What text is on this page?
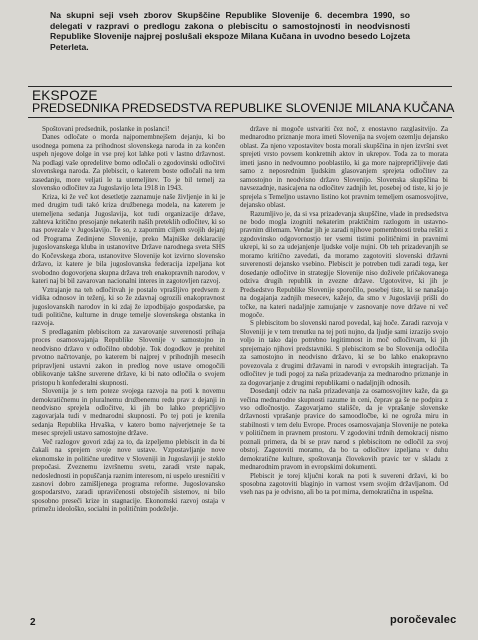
Na skupni seji vseh zborov Skupščine Republike Slovenije 6. decembra 1990, so delegati v razpravi o predlogu zakona o plebiscitu o samostojnosti in neodvisnosti Republike Slovenije najprej poslušali ekspoze Milana Kučana in uvodno besedo Lojzeta Peterleta.
EKSPOZE
PREDSEDNIKA PREDSEDSTVA REPUBLIKE SLOVENIJE MILANA KUČANA

Spoštovani predsednik, poslanke in poslanci!

Danes odločate o morda najpomembnejšem dejanju, ki bo usodnega pomena za prihodnost slovenskega naroda in za končen uspeh njegove dolge in vse prej kot lahke poti v lastno državnost. Na podlagi vaše opredelitve bomo odločali o zgodovinski odločitvi slovenskega naroda. Za plebiscit, o katerem boste odločali na tem zasedanju, more veljati le ta utemeljitev. To je bil temelj za slovensko odločitev za Jugoslavijo leta 1918 in 1943.

Kriza, ki že več kot desetletje zaznamuje naše življenje in ki je med drugim tudi takó kriza družbenega modela, na katerem je utemeljena sedanja Jugoslavija, kot tudi organizacije države, zahteva kritično presojanje nekaterih naših preteklih odločitev, ki so nas povezale v Jugoslavijo. Te so, z zapornim ciljem svojih dejanj od Programa Zedinjene Slovenije, preko Majniške deklaracije jugoslovanskega kluba in ustanovitve Države narodnega sveta SHS do Kočevskega zbora, ustanovitve Slovenije kot izvirno slovensko državo, iz katere je bila jugoslovanska federacija izpeljana kot svobodno dogovorjena skupna država treh enakopravnih narodov, v kateri naj bi bil zavarovan nacionalni interes in zagotovljen razvoj.

Vztrajanje na teh odločitvah je postalo vprašljivo predvsem z vidika odnosov in teženj, ki so že zdavnaj ogrozili enakopravnost jugoslovanskih narodov in ki zdaj že izpodbijajo gospodarske, pa tudi politične, kulturne in druge temelje slovenskega obstanka in razvoja.

S predlaganim plebiscitom za zavarovanje suverenosti prihaja proces osamosvajanja Republike Slovenije v samostojno in neodvisno državo v odločilno obdobje. Tok dogodkov je prehitel prvotno načrtovanje, po katerem bi najprej v prihodnjih mesecih pripravljeni ustavni zakon in predlog nove ustave omogočili oblikovanje takšne suverene države, ki bi nato odločila o svojem pristopu h konfederalni skupnosti.

Slovenija je s tem poteze svojega razvoja na poti k novemu demokratičnemu in pluralnemu družbenemu redu prav z dejanji in neodvisno sprejela odločitve, ki jih bo lahko prepričljivo zagovarjala tudi v mednarodni skupnosti. Po tej poti je krenila sedanja Republika Hrvaška, v katero bomo najverjetneje še ta mesec sprejeli ustavo samostojne države.

Več razlogov govori zdaj za to, da izpeljemo plebiscit in da bi čakali na sprejem svoje nove ustave. Vzpostavljanje nove ekonomske in politične ureditve v Sloveniji in Jugoslaviji je steklo prepočasi. Zveznemu izvršnemu svetu, zaradi vrste napak, nedoslednosti in popuščanja raznim interesom, ni uspelo uresničiti v zasnovi dobro zamišljenega programa reforme. Jugoslovansko gospodarstvo, zaradi upravičenosti obstoječih sistemov, ni bilo sposobno preseči krize in stagnacije. Ekonomski razvoj ostaja v primežu ideološko, socialni in političnim podeželje.

države ni mogoče ustvariti čez noč, z enostavno razglasitvijo. Za mednarodno priznanje mora imeti Slovenija na svojem ozemlju dejansko oblast. Za njeno vzpostavitev bosta morali skupščina in njen izvršni svet sprejeti vrsto povsem konkretnih aktov in ukrepov. Toda za to morata imeti jasno in nedvoumno pooblastilo, ki ga more najprepričljiveje dati samo z neposrednim ljudskim glasovanjem sprejeta odločitev za samostojno in neodvisno državo Slovenijo. Slovenska skupščina bi navsezadnje, nasicajena na odločitev zadnjih let, posebej od tiste, ki jo je sprejela s Temeljno ustavno listino kot pravnim temeljem osamosvojitve, dejansko oblast.

Razumljivo je, da si vsa prizadevanja skupščine, vlade in predsedstva ne bodo mogla izogniti nekaterim praktičnim razlogom in ustavno-pravnim dilemam. Vendar jih je zaradi njihove pomembnosti treba rešiti z zgodovinsko odgovornostjo ter vsemi tistimi političnimi in pravnimi ukrepi, ki so za udejanjenje ljudske volje nujni. Ob teh prizadevanjih se moramo kritično zavedati, da moramo zagotoviti slovenski državni suverenosti dejansko vsebino. Plebiscit je potreben tudi zaradi tega, ker dosedanje odločitve in strategije Slovenije niso doživele pričakovanega odziva drugih republik in zvezne države. Ugotovitve, ki jih je Predsedstvo Republike Slovenije sporočilo, posebej tiste, ki se nanašajo na dogajanja zadnjih mesecev, kažejo, da smo v Jugoslaviji prišli do točke, na kateri nadaljnje zamujanje v zasnovanje nove države ni več mogoče.

S plebiscitom bo slovenski narod povedal, kaj hoče. Zaradi razvoja v Sloveniji je v tem trenutku na tej poti nujno, da ljudje sami izrazijo svojo voljo in tako dajo potrebno legitimnost in moč odločitvam, ki jih sprejemajo njihovi predstavniki. S plebiscitom se bo Slovenija odločila za samostojno in neodvisno državo, ki se bo lahko enakopravno povezovala z drugimi državami in narodi v evropskih integracijah. Ta odločitev je tudi pogoj za naša prizadevanja za mednarodno priznanje in za dogovarjanje z drugimi republikami o nadaljnjih odnosih.

Dosedanji odziv na naša prizadevanja za osamosvojitev kaže, da ga večina mednarodne skupnosti razume in ceni, čeprav ga še ne podpira z vso odločnostjo. Zagovarjamo stališče, da je vprašanje slovenske državnosti vprašanje pravice do samoodločbe, ki ne ogroža miru in stabilnosti v tem delu Evrope. Proces osamosvajanja Slovenije ne poteka v političnem in pravnem prostoru. V zgodovini trdnih demokracij nismo poznali primera, da bi se prav narod s plebiscitom ne odločil za svoj obstoj. Zagotoviti moramo, da bo ta odločitev izpeljana v duhu demokratične kulture, spoštovanja človekovih pravic ter v skladu z mednarodnim pravom in evropskimi dokumenti.

Plebiscit je torej ključni korak na poti k suvereni državi, ki bo sposobna zagotoviti blaginjo in varnost vsem svojim državljanom. Od vseh nas pa je odvisno, ali bo ta pot mirna, demokratična in uspešna.

2	poročevalec
